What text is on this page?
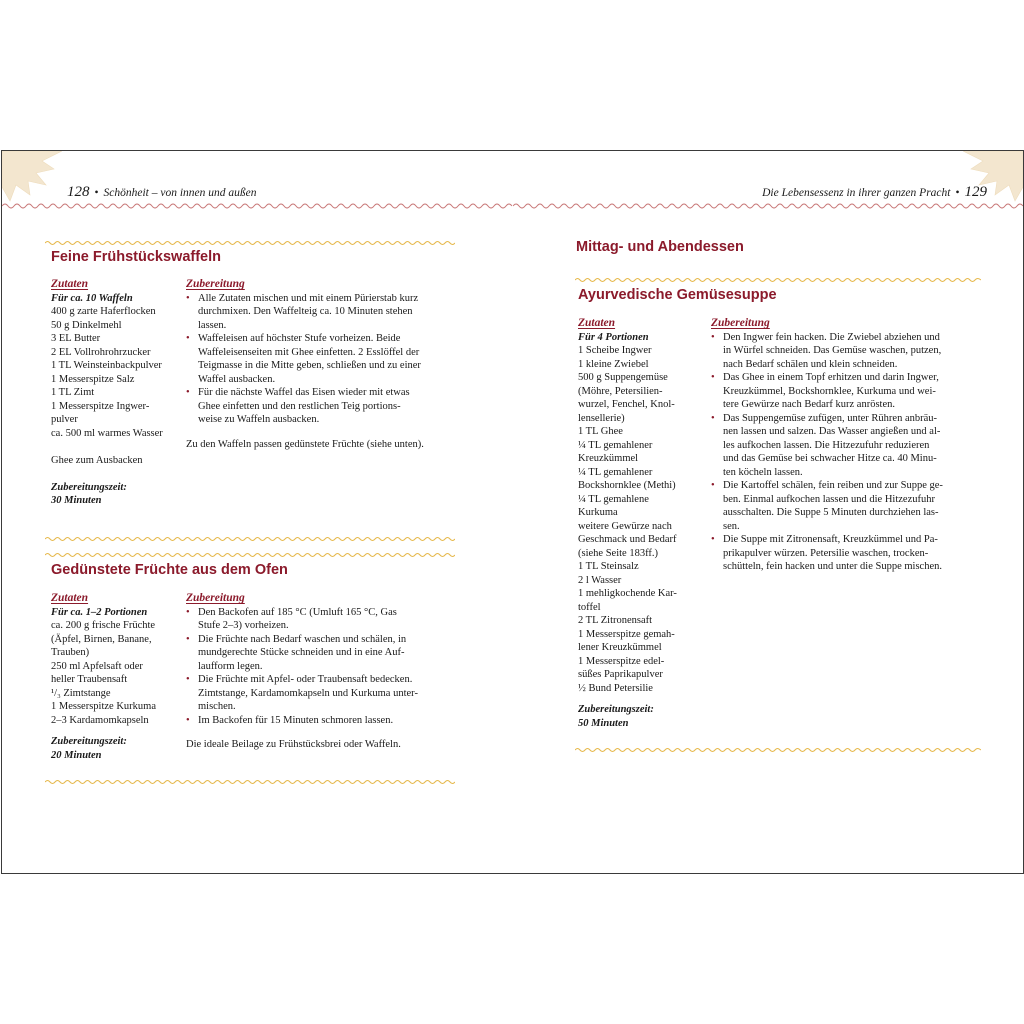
128 • Schönheit – von innen und außen
Feine Frühstückswaffeln
Zutaten
Für ca. 10 Waffeln
400 g zarte Haferflocken
50 g Dinkelmehl
3 EL Butter
2 EL Vollrohrohrzucker
1 TL Weinsteinbackpulver
1 Messerspitze Salz
1 TL Zimt
1 Messerspitze Ingwer-
pulver
ca. 500 ml warmes Wasser

Ghee zum Ausbacken
Zubereitungszeit:
30 Minuten
Zubereitung
• Alle Zutaten mischen und mit einem Pürierstab kurz
durchmixen. Den Waffelteig ca. 10 Minuten stehen
lassen.
• Waffeleisen auf höchster Stufe vorheizen. Beide
Waffeleisenseiten mit Ghee einfetten. 2 Esslöffel der
Teigmasse in die Mitte geben, schließen und zu einer
Waffel ausbacken.
• Für die nächste Waffel das Eisen wieder mit etwas
Ghee einfetten und den restlichen Teig portions-
weise zu Waffeln ausbacken.
Zu den Waffeln passen gedünstete Früchte (siehe unten).
Gedünstete Früchte aus dem Ofen
Zutaten
Für ca. 1–2 Portionen
ca. 200 g frische Früchte
(Äpfel, Birnen, Banane,
Trauben)
250 ml Apfelsaft oder
heller Traubensaft
¹/₃ Zimtstange
1 Messerspitze Kurkuma
2–3 Kardamomkapseln
Zubereitungszeit:
20 Minuten
Zubereitung
• Den Backofen auf 185 °C (Umluft 165 °C, Gas
Stufe 2–3) vorheizen.
• Die Früchte nach Bedarf waschen und schälen, in
mundgerechte Stücke schneiden und in eine Auf-
laufform legen.
• Die Früchte mit Apfel- oder Traubensaft bedecken.
Zimtstange, Kardamomkapseln und Kurkuma unter-
mischen.
• Im Backofen für 15 Minuten schmoren lassen.
Die ideale Beilage zu Frühstücksbrei oder Waffeln.
Die Lebensessenz in ihrer ganzen Pracht • 129
Mittag- und Abendessen
Ayurvedische Gemüsesuppe
Zutaten
Für 4 Portionen
1 Scheibe Ingwer
1 kleine Zwiebel
500 g Suppengemüse
(Möhre, Petersilien-
wurzel, Fenchel, Knol-
lensellerie)
1 TL Ghee
¼ TL gemahlener
Kreuzkümmel
¼ TL gemahlener
Bockshornklee (Methi)
¼ TL gemahlene
Kurkuma
weitere Gewürze nach
Geschmack und Bedarf
(siehe Seite 183ff.)
1 TL Steinsalz
2 l Wasser
1 mehligkochende Kar-
toffel
2 TL Zitronensaft
1 Messerspitze gemah-
lener Kreuzkümmel
1 Messerspitze edel-
süßes Paprikapulver
½ Bund Petersilie
Zubereitungszeit:
50 Minuten
Zubereitung
• Den Ingwer fein hacken. Die Zwiebel abziehen und
in Würfel schneiden. Das Gemüse waschen, putzen,
nach Bedarf schälen und klein schneiden.
• Das Ghee in einem Topf erhitzen und darin Ingwer,
Kreuzkümmel, Bockshornklee, Kurkuma und wei-
tere Gewürze nach Bedarf kurz anrösten.
• Das Suppengemüse zufügen, unter Rühren anbräu-
nen lassen und salzen. Das Wasser angießen und al-
les aufkochen lassen. Die Hitzezufuhr reduzieren
und das Gemüse bei schwacher Hitze ca. 40 Minu-
ten köcheln lassen.
• Die Kartoffel schälen, fein reiben und zur Suppe ge-
ben. Einmal aufkochen lassen und die Hitzezufuhr
ausschalten. Die Suppe 5 Minuten durchziehen las-
sen.
• Die Suppe mit Zitronensaft, Kreuzkümmel und Pa-
prikapulver würzen. Petersilie waschen, trocken-
schütteln, fein hacken und unter die Suppe mischen.
